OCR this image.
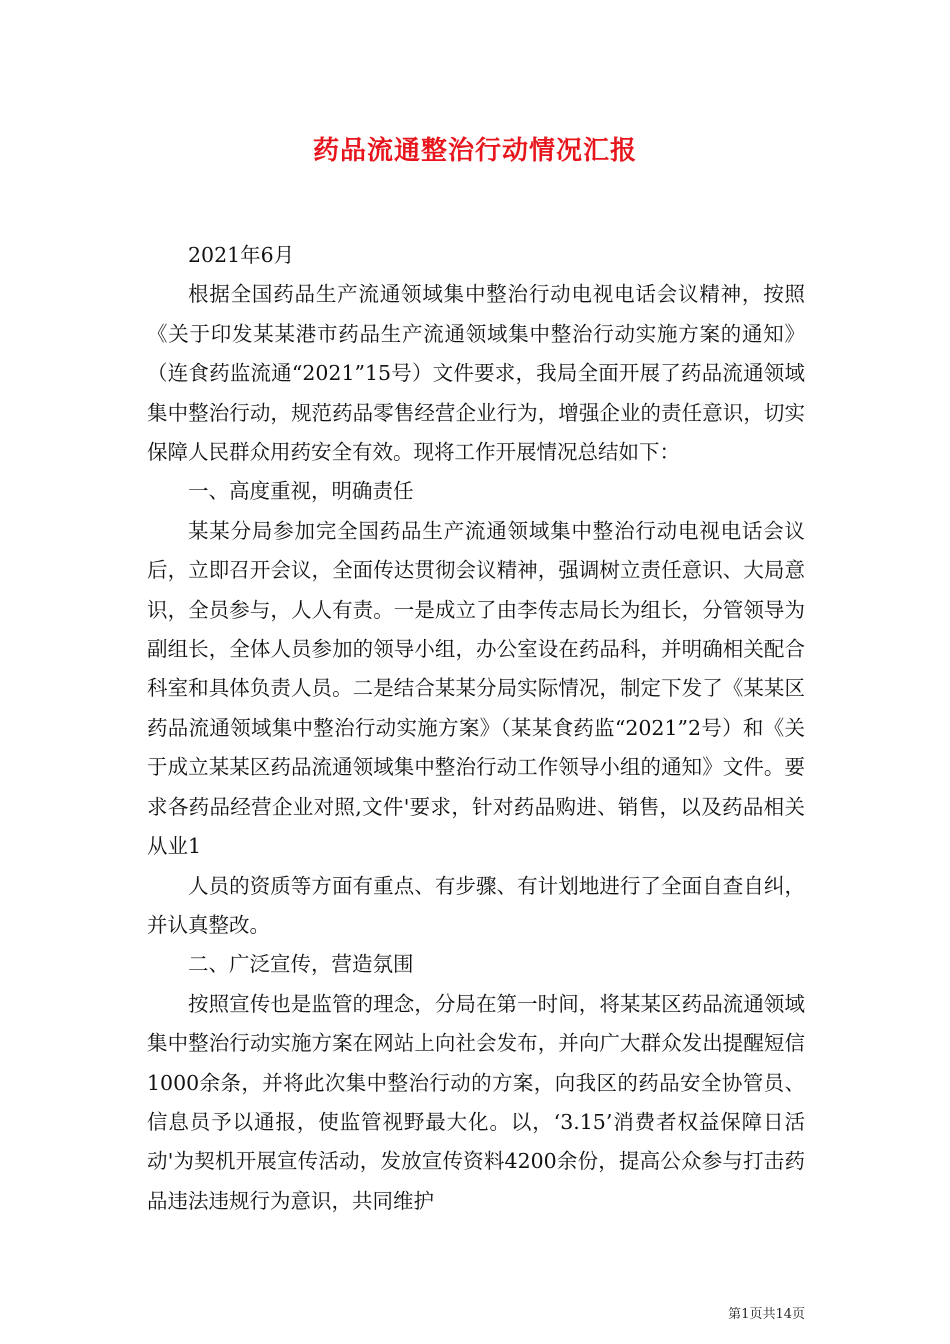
药品流通整治行动情况汇报

2021年6月

根据全国药品生产流通领域集中整治行动电视电话会议精神，按照《关于印发某某港市药品生产流通领域集中整治行动实施方案的通知》（连食药监流通“2021”15号）文件要求，我局全面开展了药品流通领域集中整治行动，规范药品零售经营企业行为，增强企业的责任意识，切实保障人民群众用药安全有效。现将工作开展情况总结如下：

一、高度重视，明确责任

某某分局参加完全国药品生产流通领域集中整治行动电视电话会议后，立即召开会议，全面传达贯彻会议精神，强调树立责任意识、大局意识，全员参与，人人有责。一是成立了由李传志局长为组长，分管领导为副组长，全体人员参加的领导小组，办公室设在药品科，并明确相关配合科室和具体负责人员。二是结合某某分局实际情况，制定下发了《某某区药品流通领域集中整治行动实施方案》（某某食药监“2021”2号）和《关于成立某某区药品流通领域集中整治行动工作领导小组的通知》文件。要求各药品经营企业对照,文件'要求，针对药品购进、销售，以及药品相关从业1

人员的资质等方面有重点、有步骤、有计划地进行了全面自查自纠，并认真整改。

二、广泛宣传，营造氛围

按照宣传也是监管的理念，分局在第一时间，将某某区药品流通领域集中整治行动实施方案在网站上向社会发布，并向广大群众发出提醒短信1000余条，并将此次集中整治行动的方案，向我区的药品安全协管员、信息员予以通报，使监管视野最大化。以，‘3.15’消费者权益保障日活动'为契机开展宣传活动，发放宣传资料4200余份，提高公众参与打击药品违法违规行为意识，共同维护

第1页共14页
